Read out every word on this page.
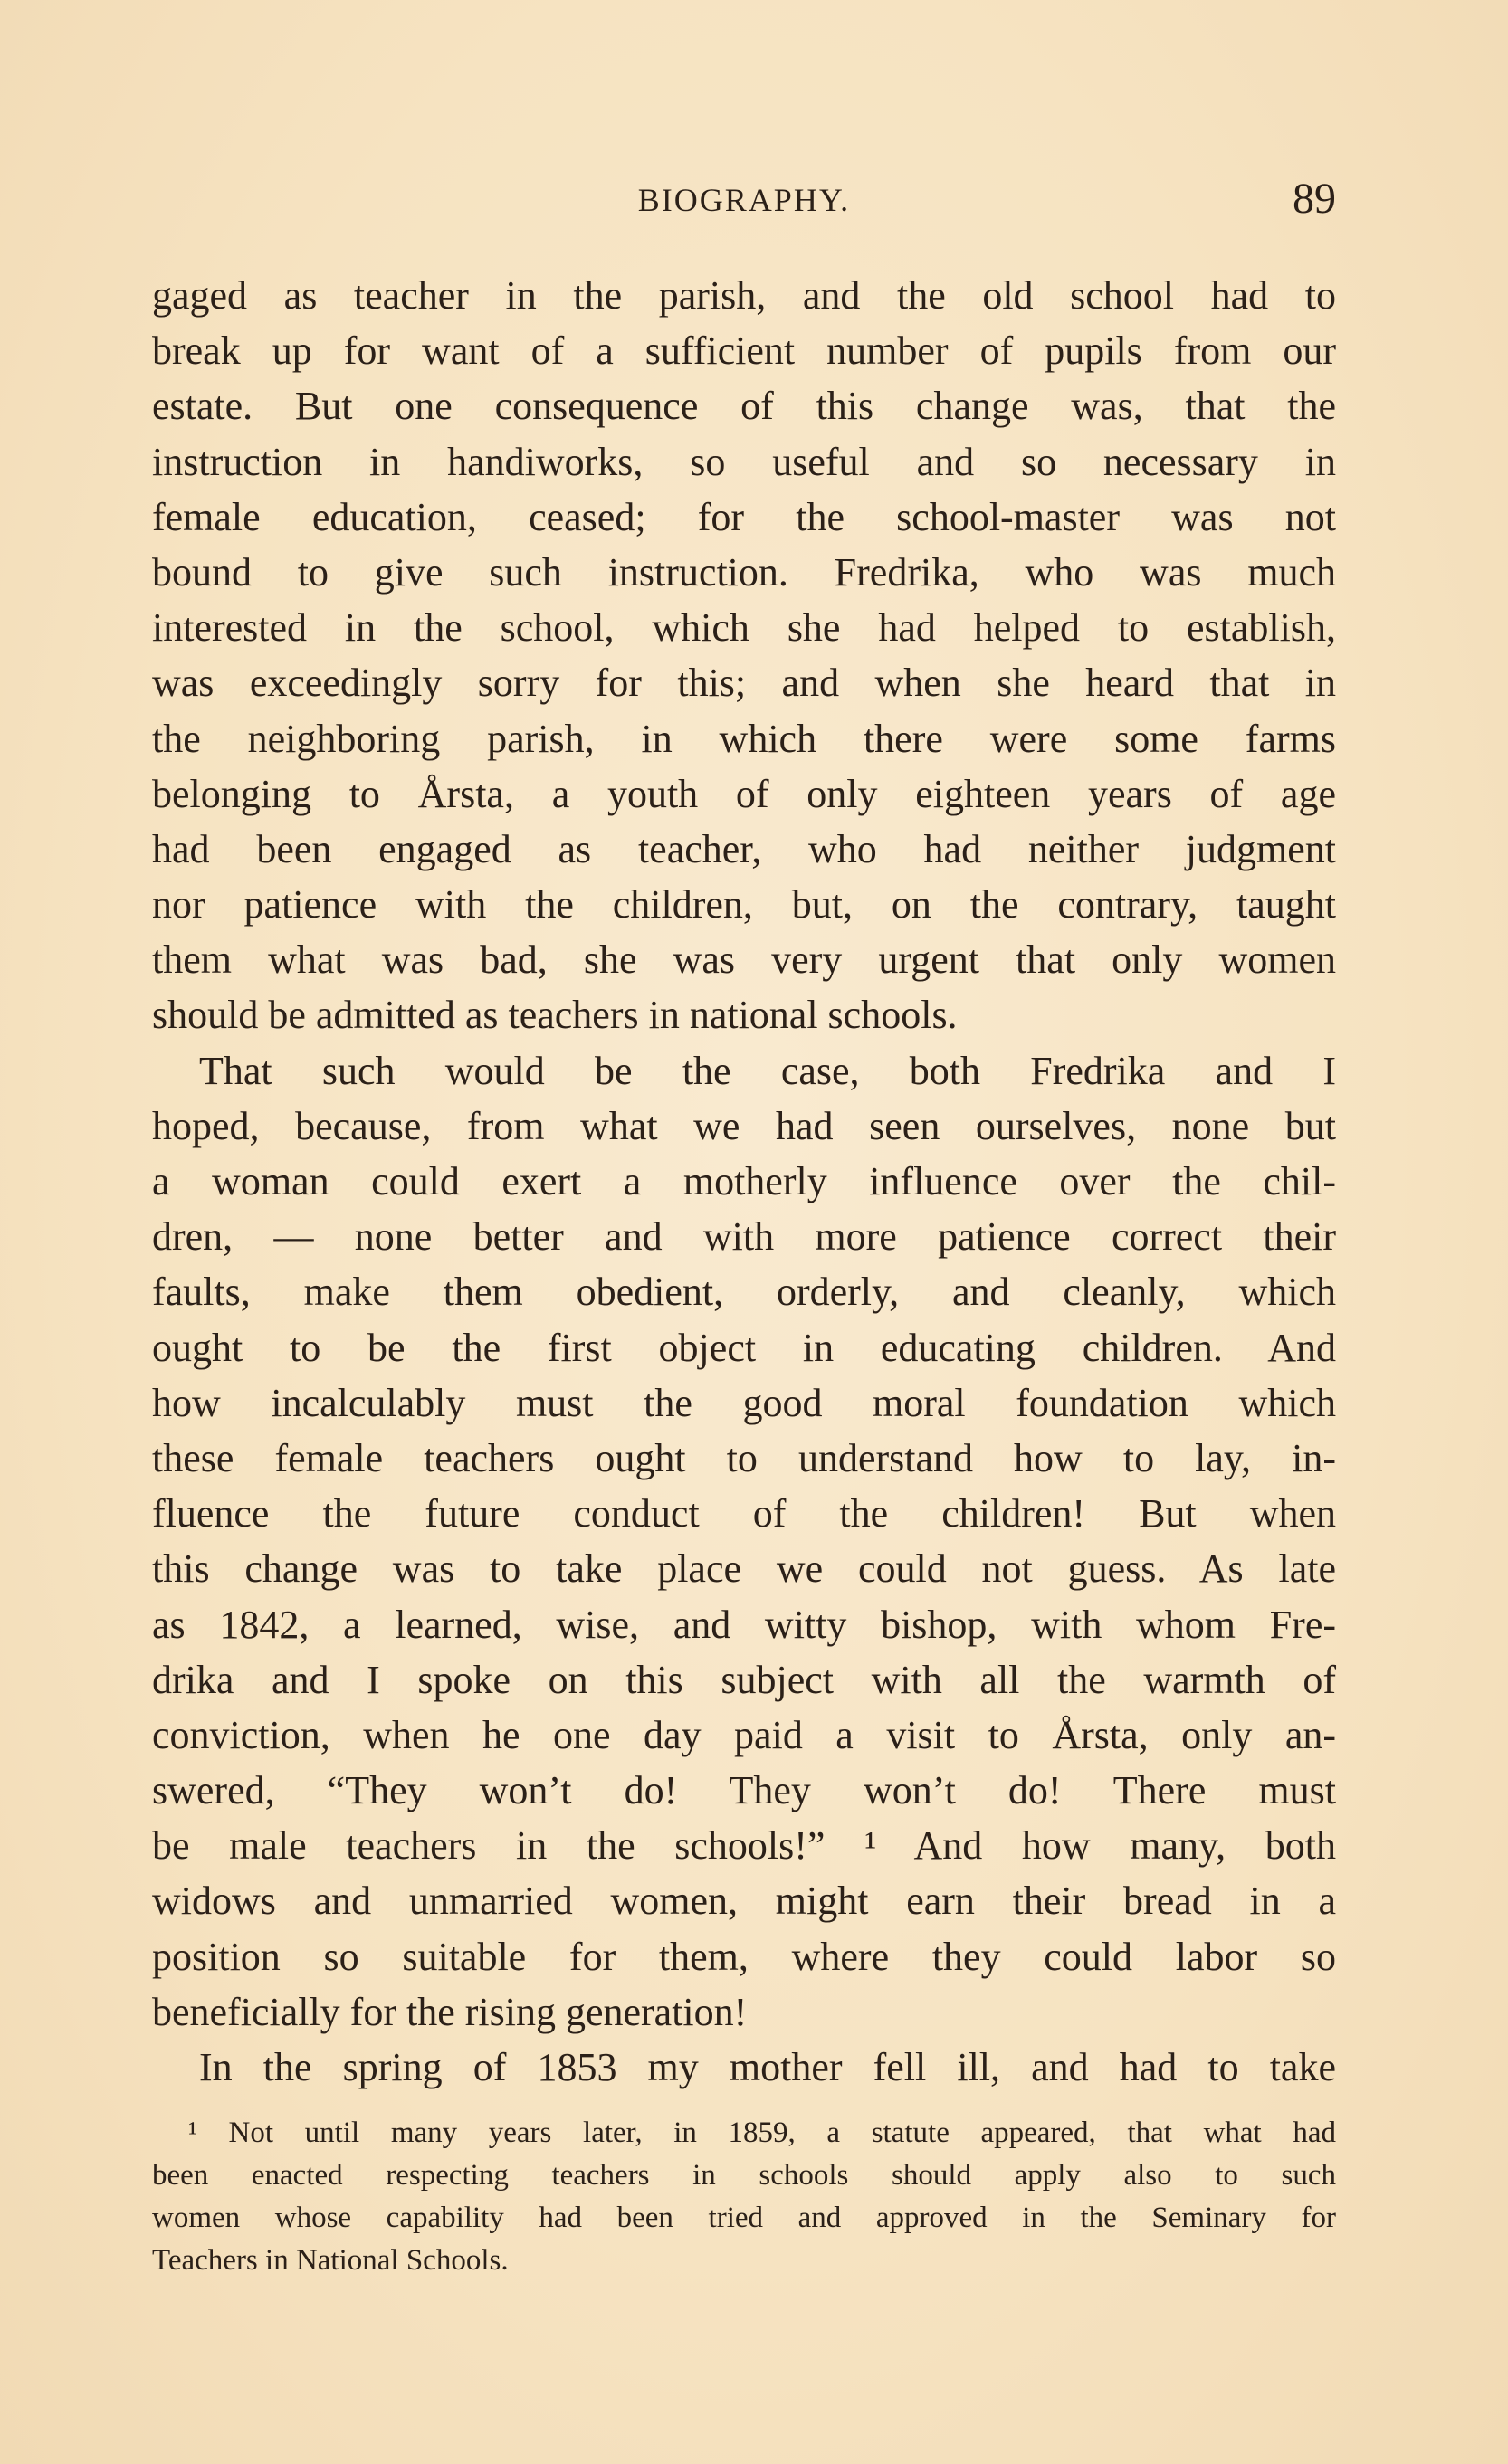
BIOGRAPHY.	89
gaged as teacher in the parish, and the old school had to
break up for want of a sufficient number of pupils from our
estate. But one consequence of this change was, that the
instruction in handiworks, so useful and so necessary in
female education, ceased; for the school-master was not
bound to give such instruction. Fredrika, who was much
interested in the school, which she had helped to establish,
was exceedingly sorry for this; and when she heard that in
the neighboring parish, in which there were some farms
belonging to Årsta, a youth of only eighteen years of age
had been engaged as teacher, who had neither judgment
nor patience with the children, but, on the contrary, taught
them what was bad, she was very urgent that only women
should be admitted as teachers in national schools.
That such would be the case, both Fredrika and I
hoped, because, from what we had seen ourselves, none but
a woman could exert a motherly influence over the chil-
dren, — none better and with more patience correct their
faults, make them obedient, orderly, and cleanly, which
ought to be the first object in educating children. And
how incalculably must the good moral foundation which
these female teachers ought to understand how to lay, in-
fluence the future conduct of the children! But when
this change was to take place we could not guess. As late
as 1842, a learned, wise, and witty bishop, with whom Fre-
drika and I spoke on this subject with all the warmth of
conviction, when he one day paid a visit to Årsta, only an-
swered, “They won’t do! They won’t do! There must
be male teachers in the schools!” ¹ And how many, both
widows and unmarried women, might earn their bread in a
position so suitable for them, where they could labor so
beneficially for the rising generation!
In the spring of 1853 my mother fell ill, and had to take
¹ Not until many years later, in 1859, a statute appeared, that what had
been enacted respecting teachers in schools should apply also to such
women whose capability had been tried and approved in the Seminary for
Teachers in National Schools.
